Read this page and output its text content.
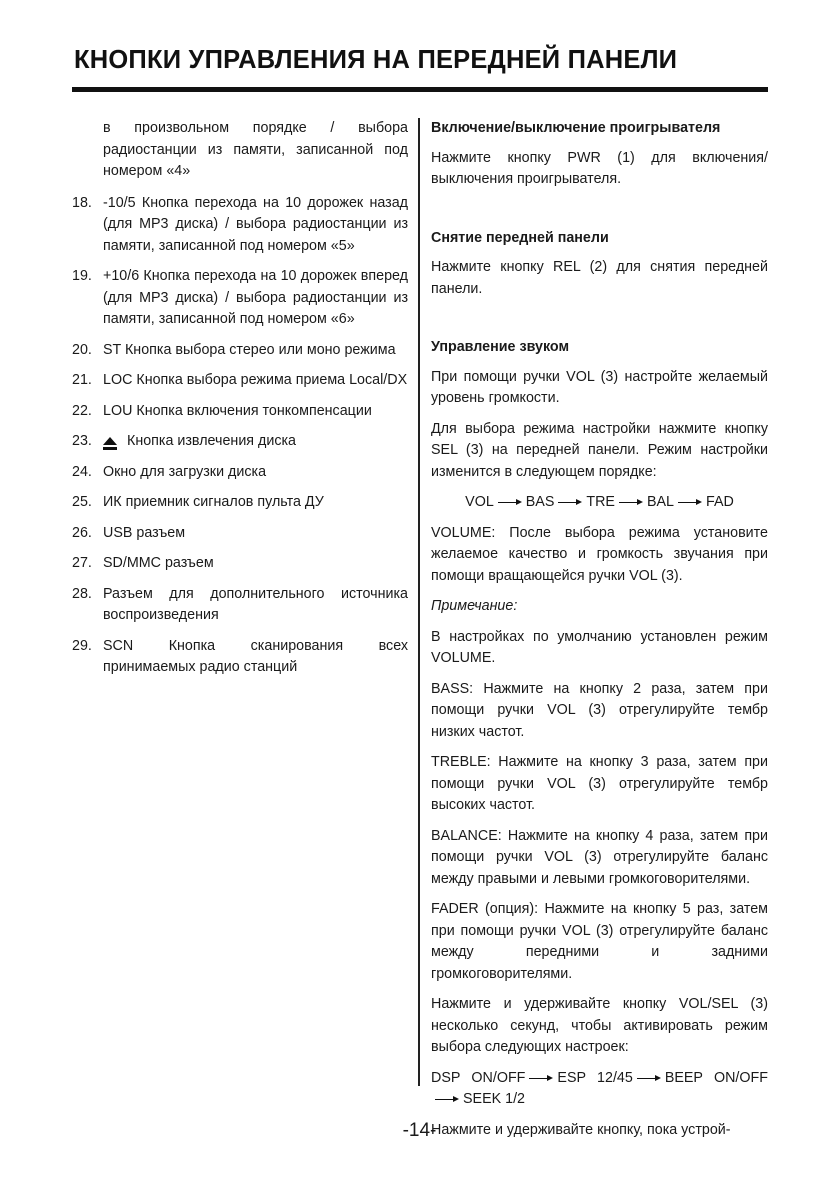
КНОПКИ УПРАВЛЕНИЯ НА ПЕРЕДНЕЙ ПАНЕЛИ
в произвольном порядке / выбора радиостанции из памяти, записанной под номером «4»
18. -10/5 Кнопка перехода на 10 дорожек назад (для MP3 диска) / выбора радиостанции из памяти, записанной под номером «5»
19. +10/6 Кнопка перехода на 10 дорожек вперед (для MP3 диска) / выбора радиостанции из памяти, записанной под номером «6»
20. ST Кнопка выбора стерео или моно режима
21. LOC Кнопка выбора режима приема Local/DX
22. LOU Кнопка включения тонкомпенсации
23.	Кнопка извлечения диска
24. Окно для загрузки диска
25. ИК приемник сигналов пульта ДУ
26. USB разъем
27. SD/MMC разъем
28. Разъем для дополнительного источника воспроизведения
29. SCN Кнопка сканирования всех принимаемых радио станций
Включение/выключение проигрывателя
Нажмите кнопку PWR (1) для включения/выключения проигрывателя.
Снятие передней панели
Нажмите кнопку REL (2) для снятия передней панели.
Управление звуком
При помощи ручки VOL (3) настройте желаемый уровень громкости.
Для выбора режима настройки нажмите кнопку SEL (3) на передней панели. Режим настройки изменится в следующем порядке:
VOL BAS TRE BAL FAD
VOLUME: После выбора режима установите желаемое качество и громкость звучания при помощи вращающейся ручки VOL (3).
Примечание:
В настройках по умолчанию установлен режим VOLUME.
BASS: Нажмите на кнопку 2 раза, затем при помощи ручки VOL (3) отрегулируйте тембр низких частот.
TREBLE: Нажмите на кнопку 3 раза, затем при помощи ручки VOL (3) отрегулируйте тембр высоких частот.
BALANCE: Нажмите на кнопку 4 раза, затем при помощи ручки VOL (3) отрегулируйте баланс между правыми и левыми громкоговорителями.
FADER (опция): Нажмите на кнопку 5 раз, затем при помощи ручки VOL (3) отрегулируйте баланс между передними и задними громкоговорителями.
Нажмите и удерживайте кнопку VOL/SEL (3) несколько секунд, чтобы активировать режим выбора следующих настроек:
DSP ON/OFF ESP 12/45 BEEP ON/OFFSEEK 1/2
Нажмите и удерживайте кнопку, пока устрой-
-14-
